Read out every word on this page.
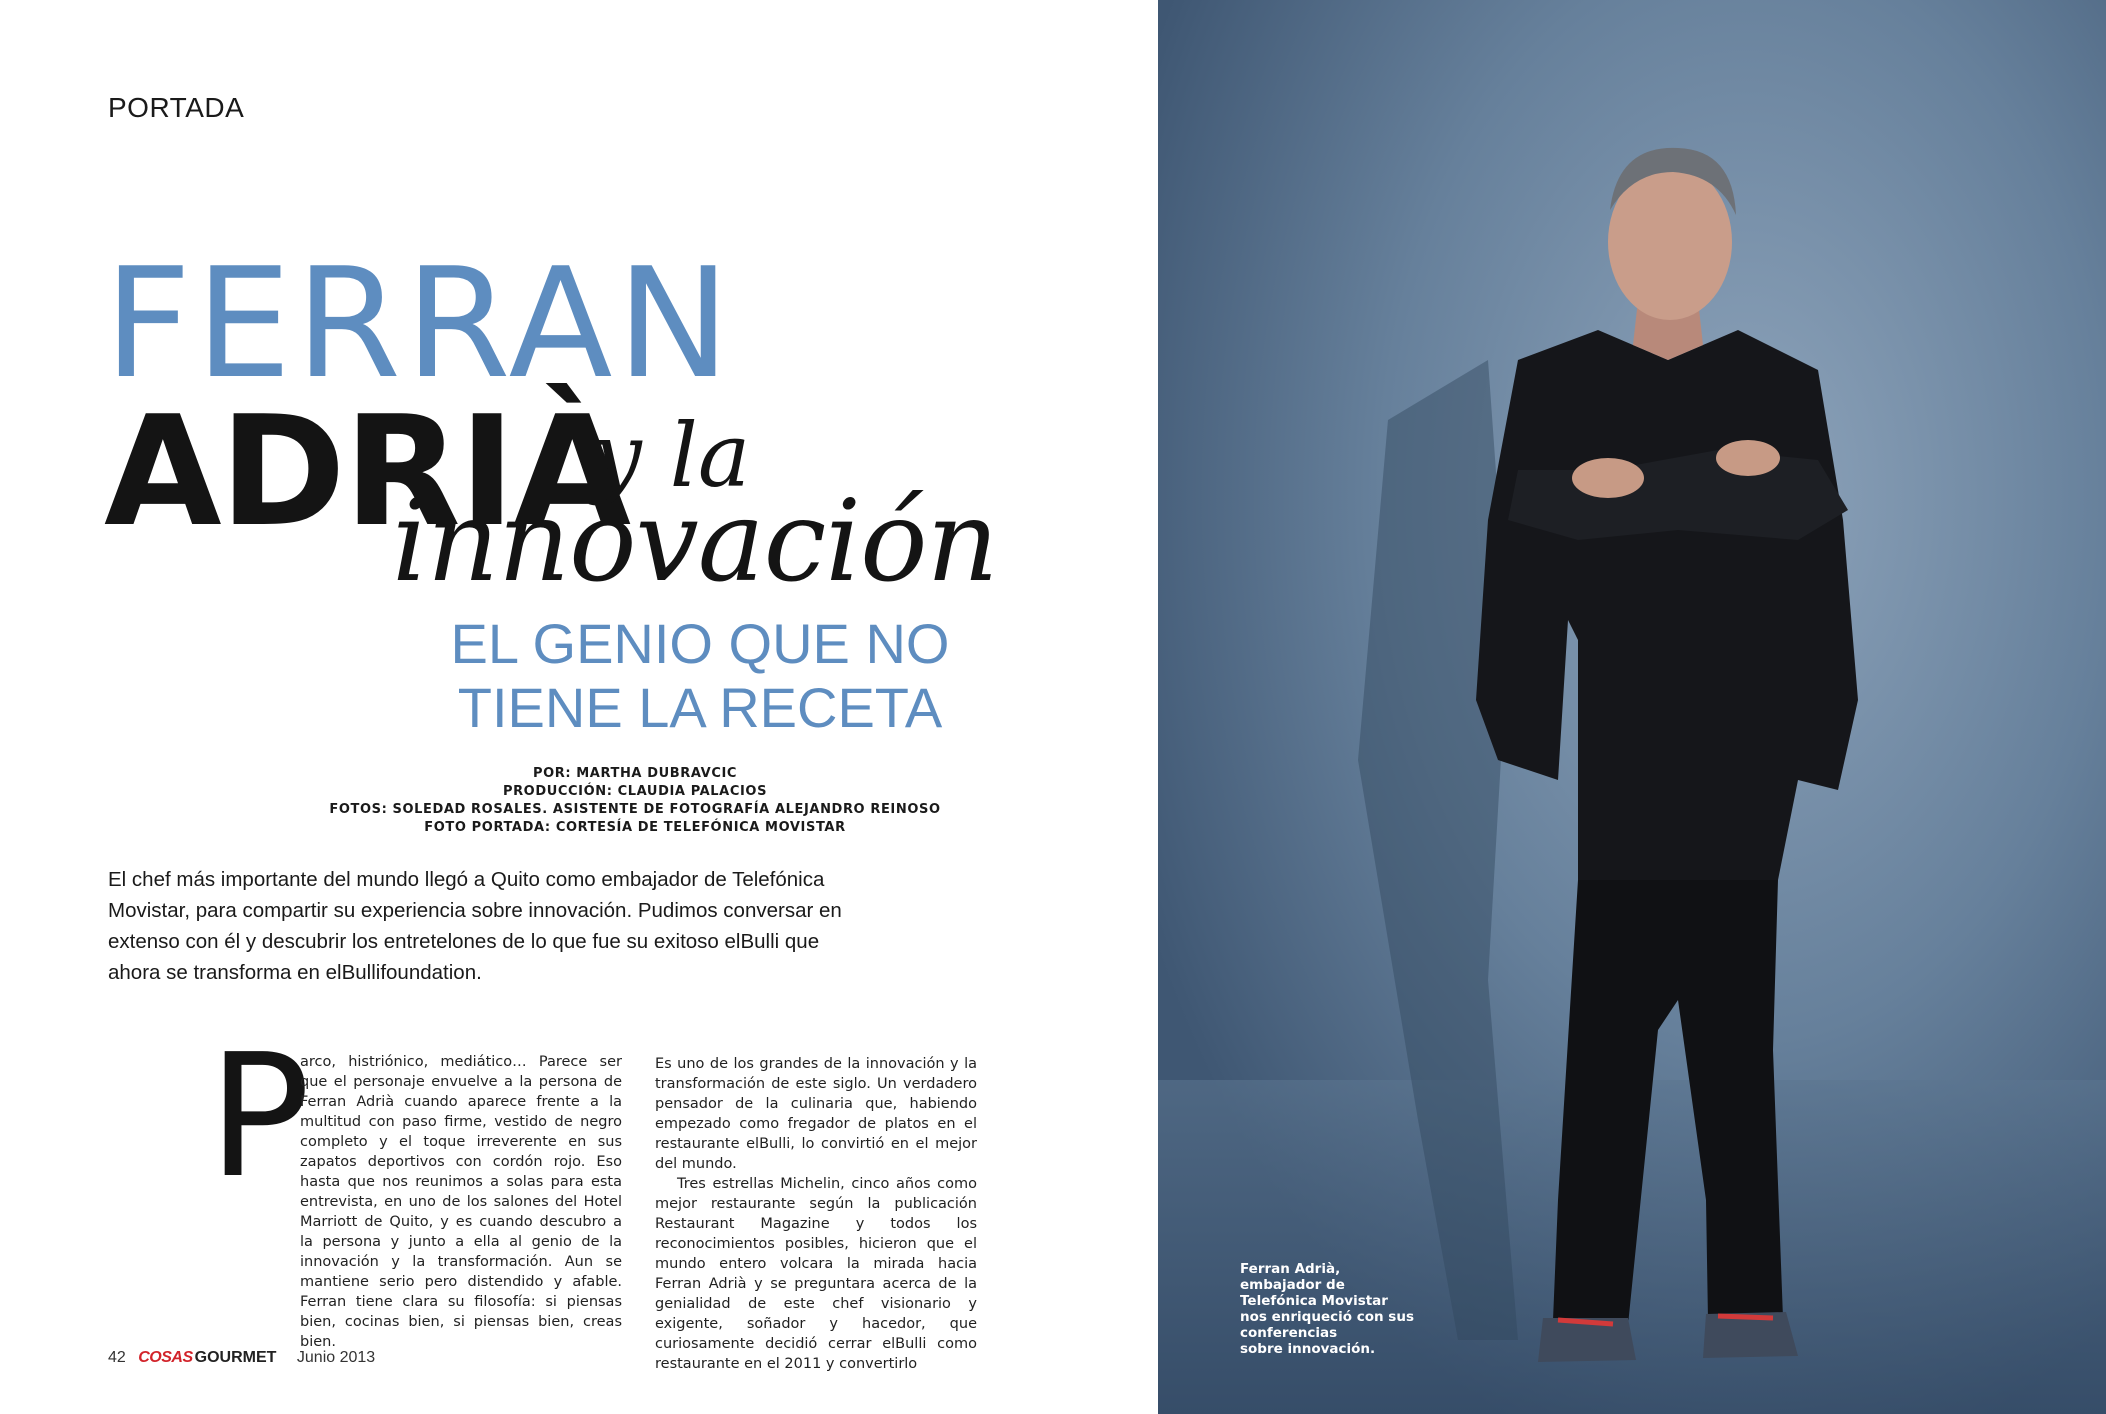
PORTADA
FERRAN
ADRIÀ
y la
innovación
EL GENIO QUE NO
TIENE LA RECETA
POR: MARTHA DUBRAVCIC
PRODUCCIÓN: CLAUDIA PALACIOS
FOTOS: SOLEDAD ROSALES. ASISTENTE DE FOTOGRAFÍA ALEJANDRO REINOSO
FOTO PORTADA: CORTESÍA DE TELEFÓNICA MOVISTAR
El chef más importante del mundo llegó a Quito como embajador de Telefónica Movistar, para compartir su experiencia sobre innovación. Pudimos conversar en extenso con él y descubrir los entretelones de lo que fue su exitoso elBulli que ahora se transforma en elBullifoundation.
P

arco, histriónico, mediático… Parece ser que el personaje envuelve a la persona de Ferran Adrià cuando aparece frente a la multitud con paso firme, vestido de negro completo y el toque irreverente en sus zapatos deportivos con cordón rojo. Eso hasta que nos reunimos a solas para esta entrevista, en uno de los salones del Hotel Marriott de Quito, y es cuando descubro a la persona y junto a ella al genio de la innovación y la transformación. Aun se mantiene serio pero distendido y afable. Ferran tiene clara su filosofía: si piensas bien, cocinas bien, si piensas bien, creas bien.

Es uno de los grandes de la innovación y la transformación de este siglo. Un verdadero pensador de la culinaria que, habiendo empezado como fregador de platos en el restaurante elBulli, lo convirtió en el mejor del mundo.

Tres estrellas Michelin, cinco años como mejor restaurante según la publicación Restaurant Magazine y todos los reconocimientos posibles, hicieron que el mundo entero volcara la mirada hacia Ferran Adrià y se preguntara acerca de la genialidad de este chef visionario y exigente, soñador y hacedor, que curiosamente decidió cerrar elBulli como restaurante en el 2011 y convertirlo

42 COSAS GOURMET Junio 2013
Ferran Adrià,
embajador de
Telefónica Movistar
nos enriqueció con sus
conferencias
sobre innovación.
